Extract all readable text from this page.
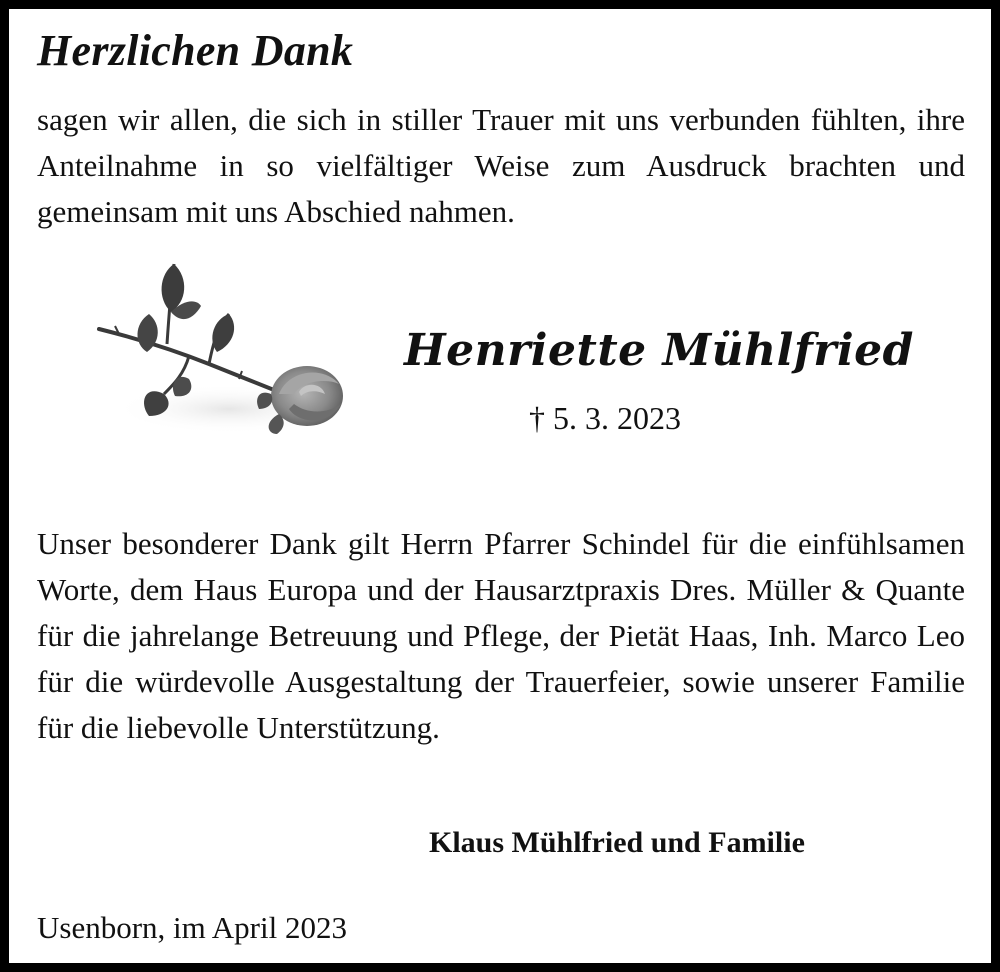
Herzlichen Dank

sagen wir allen, die sich in stiller Trauer mit uns verbunden fühlten, ihre Anteilnahme in so vielfältiger Weise zum Ausdruck brachten und gemeinsam mit uns Abschied nahmen.

Henriette Mühlfried

† 5. 3. 2023

Unser besonderer Dank gilt Herrn Pfarrer Schindel für die einfühlsamen Worte, dem Haus Europa und der Hausarztpraxis Dres. Müller & Quante für die jahrelange Betreuung und Pflege, der Pietät Haas, Inh. Marco Leo für die würdevolle Ausgestaltung der Trauerfeier, sowie unserer Familie für die liebevolle Unterstützung.

Klaus Mühlfried und Familie

Usenborn, im April 2023
